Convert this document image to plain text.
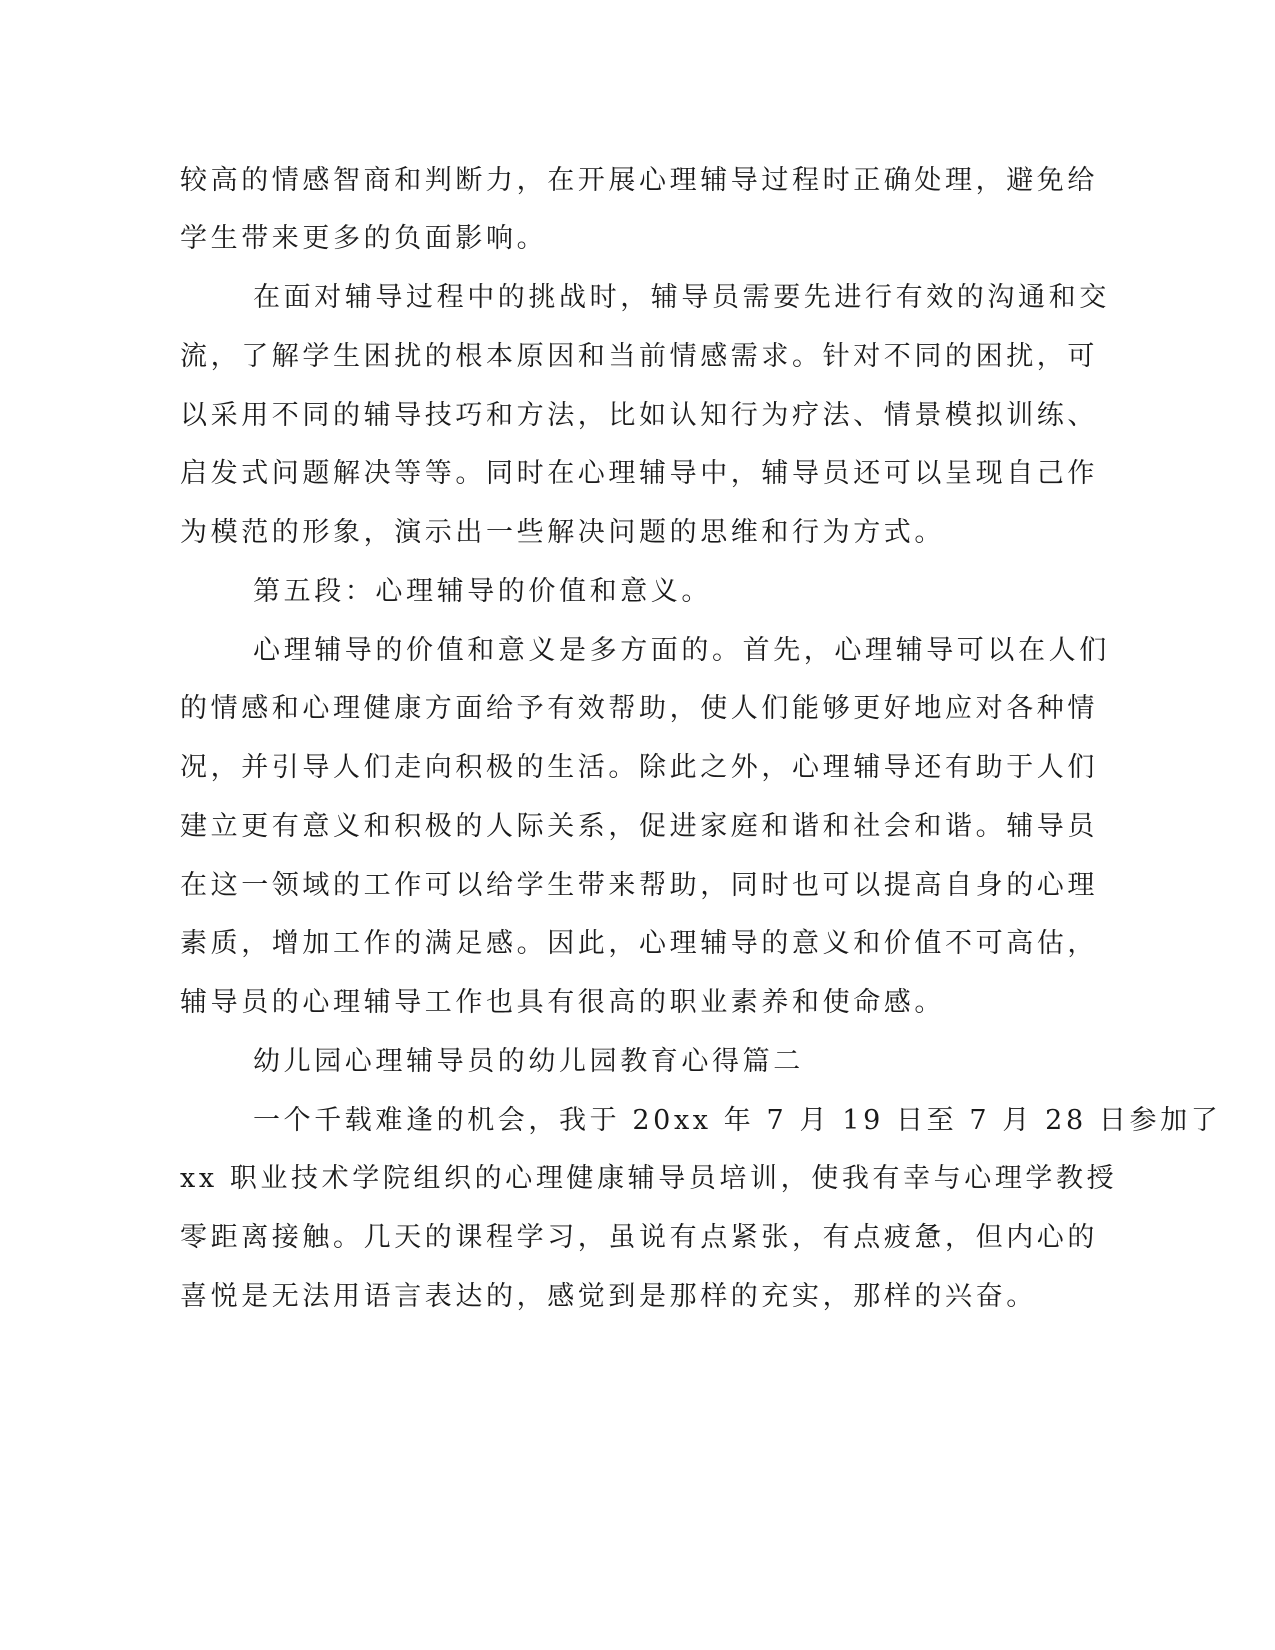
较高的情感智商和判断力，在开展心理辅导过程时正确处理，避免给
学生带来更多的负面影响。
在面对辅导过程中的挑战时，辅导员需要先进行有效的沟通和交
流，了解学生困扰的根本原因和当前情感需求。针对不同的困扰，可
以采用不同的辅导技巧和方法，比如认知行为疗法、情景模拟训练、
启发式问题解决等等。同时在心理辅导中，辅导员还可以呈现自己作
为模范的形象，演示出一些解决问题的思维和行为方式。
第五段：心理辅导的价值和意义。
心理辅导的价值和意义是多方面的。首先，心理辅导可以在人们
的情感和心理健康方面给予有效帮助，使人们能够更好地应对各种情
况，并引导人们走向积极的生活。除此之外，心理辅导还有助于人们
建立更有意义和积极的人际关系，促进家庭和谐和社会和谐。辅导员
在这一领域的工作可以给学生带来帮助，同时也可以提高自身的心理
素质，增加工作的满足感。因此，心理辅导的意义和价值不可高估，
辅导员的心理辅导工作也具有很高的职业素养和使命感。
幼儿园心理辅导员的幼儿园教育心得篇二
一个千载难逢的机会，我于 20xx 年 7 月 19 日至 7 月 28 日参加了
xx 职业技术学院组织的心理健康辅导员培训，使我有幸与心理学教授
零距离接触。几天的课程学习，虽说有点紧张，有点疲惫，但内心的
喜悦是无法用语言表达的，感觉到是那样的充实，那样的兴奋。
